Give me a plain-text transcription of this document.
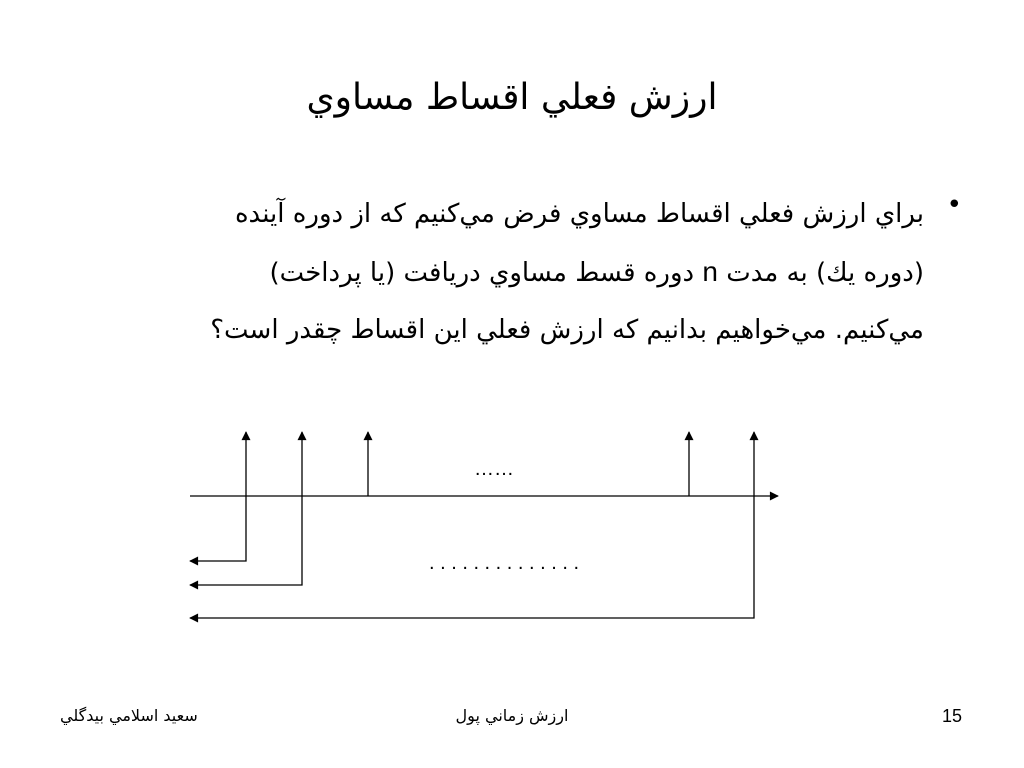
ارزش فعلي اقساط مساوي
•
براي ارزش فعلي اقساط مساوي فرض مي‌كنيم كه از دوره آينده
(دوره يك) به مدت n دوره قسط مساوي دريافت (يا پرداخت)
مي‌كنيم. مي‌خواهيم بدانيم كه ارزش فعلي اين اقساط چقدر است؟
……
. . . . . . . . . . . . . .
سعيد اسلامي بيدگلي	ارزش زماني پول	15
